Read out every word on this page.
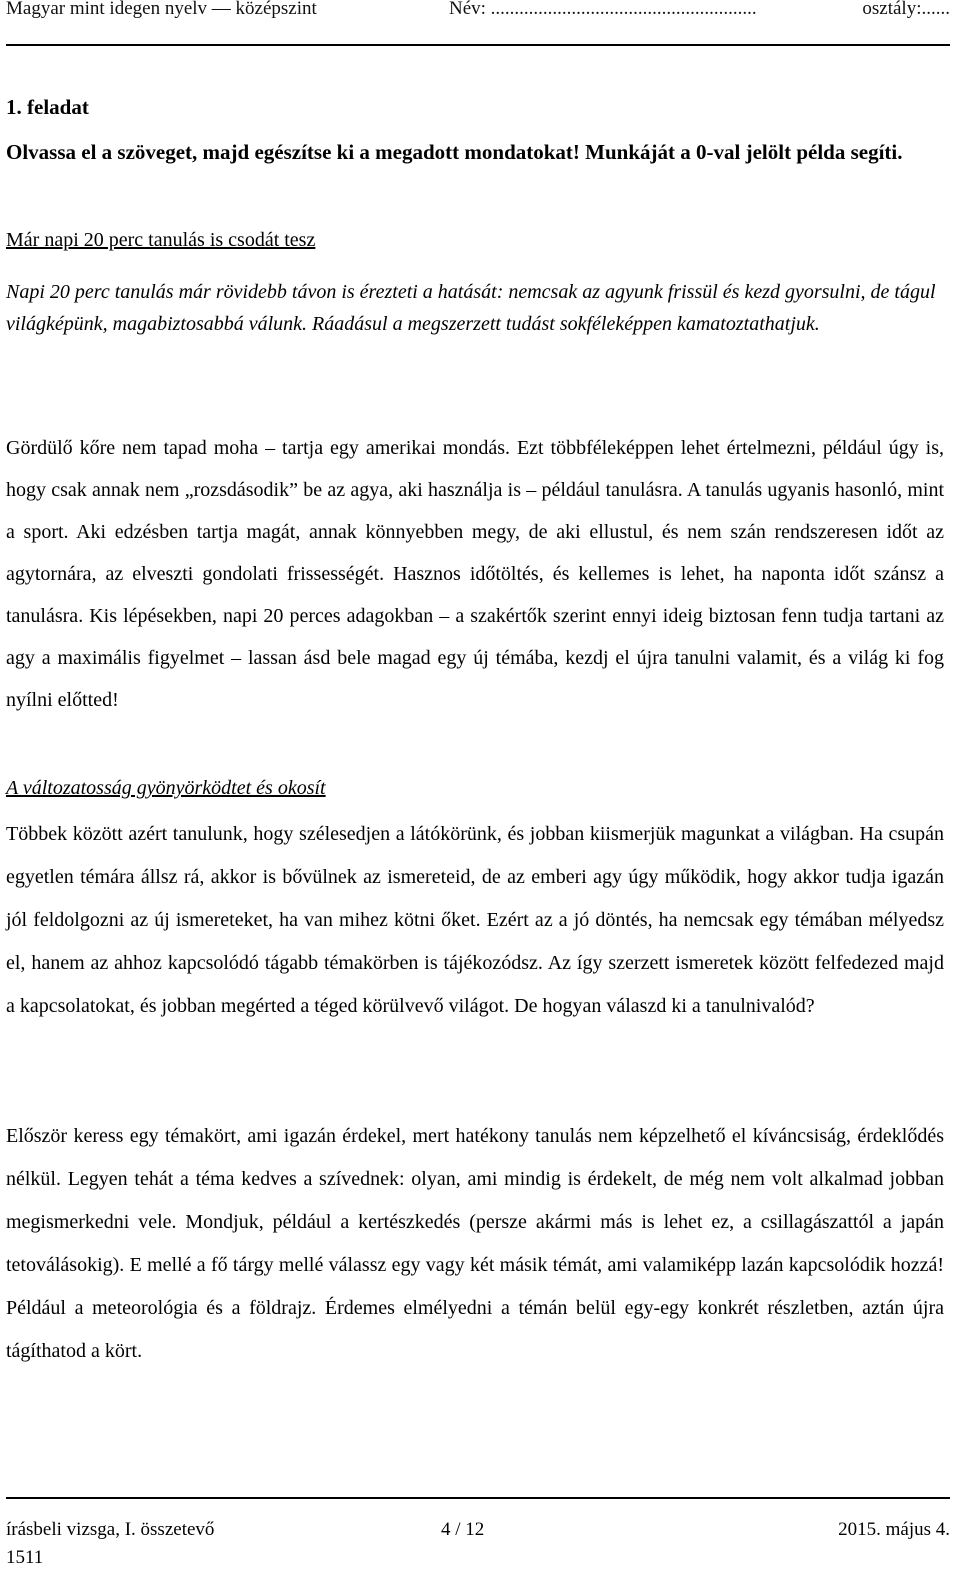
Magyar mint idegen nyelv — középszint	Név: ........................................................	osztály:......
1. feladat
Olvassa el a szöveget, majd egészítse ki a megadott mondatokat! Munkáját a 0-val jelölt példa segíti.
Már napi 20 perc tanulás is csodát tesz
Napi 20 perc tanulás már rövidebb távon is érezteti a hatását: nemcsak az agyunk frissül és kezd gyorsulni, de tágul világképünk, magabiztosabbá válunk. Ráadásul a megszerzett tudást sokféleképpen kamatoztathatjuk.
Gördülő kőre nem tapad moha – tartja egy amerikai mondás. Ezt többféleképpen lehet értelmezni, például úgy is, hogy csak annak nem „rozsdásodik” be az agya, aki használja is – például tanulásra. A tanulás ugyanis hasonló, mint a sport. Aki edzésben tartja magát, annak könnyebben megy, de aki ellustul, és nem szán rendszeresen időt az agytornára, az elveszti gondolati frissességét. Hasznos időtöltés, és kellemes is lehet, ha naponta időt szánsz a tanulásra. Kis lépésekben, napi 20 perces adagokban – a szakértők szerint ennyi ideig biztosan fenn tudja tartani az agy a maximális figyelmet – lassan ásd bele magad egy új témába, kezdj el újra tanulni valamit, és a világ ki fog nyílni előtted!
A változatosság gyönyörködtet és okosít
Többek között azért tanulunk, hogy szélesedjen a látókörünk, és jobban kiismerjük magunkat a világban. Ha csupán egyetlen témára állsz rá, akkor is bővülnek az ismereteid, de az emberi agy úgy működik, hogy akkor tudja igazán jól feldolgozni az új ismereteket, ha van mihez kötni őket. Ezért az a jó döntés, ha nemcsak egy témában mélyedsz el, hanem az ahhoz kapcsolódó tágabb témakörben is tájékozódsz. Az így szerzett ismeretek között felfedezed majd a kapcsolatokat, és jobban megérted a téged körülvevő világot. De hogyan válaszd ki a tanulnivalód?
Először keress egy témakört, ami igazán érdekel, mert hatékony tanulás nem képzelhető el kíváncsiság, érdeklődés nélkül. Legyen tehát a téma kedves a szívednek: olyan, ami mindig is érdekelt, de még nem volt alkalmad jobban megismerkedni vele. Mondjuk, például a kertészkedés (persze akármi más is lehet ez, a csillagászattól a japán tetoválásokig). E mellé a fő tárgy mellé válassz egy vagy két másik témát, ami valamiképp lazán kapcsolódik hozzá! Például a meteorológia és a földrajz. Érdemes elmélyedni a témán belül egy-egy konkrét részletben, aztán újra tágíthatod a kört.
írásbeli vizsga, I. összetevő	4 / 12	2015. május 4.
1511
